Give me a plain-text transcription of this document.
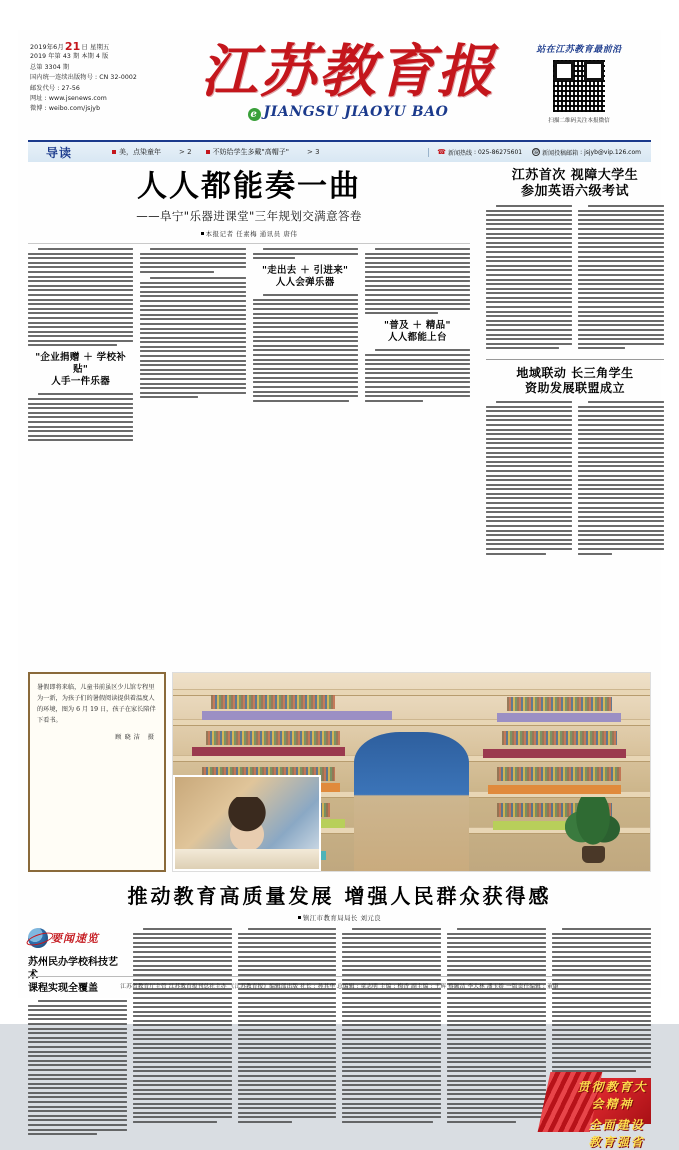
2019年6月21日 星期五
2019 年第 43 期 本期 4 版
总第 3304 期
国内统一连续出版物号 : CN 32-0002
邮发代号 : 27-56
网址 : www.jsenews.com
微博 : weibo.com/jsjyb
江苏教育报
e JIANGSU JIAOYU BAO
站在江苏教育最前沿
扫描二维码关注本报微信
导读	美，点染童年	> 2	不妨给学生多戴"高帽子"	> 3	☎ 新闻热线 : 025-86275601 @ 新闻投稿邮箱 : jsjyb@vip.126.com
人人都能奏一曲
——阜宁"乐器进课堂"三年规划交满意答卷
本报记者 任素梅 通讯员 唐伟
"企业捐赠 ＋ 学校补贴"
人手一件乐器
"走出去 ＋ 引进来"
人人会弹乐器
"普及 ＋ 精品"
人人都能上台
江苏首次 视障大学生
参加英语六级考试
地域联动 长三角学生
资助发展联盟成立
暑假即将来临，儿童书前虽区少儿馆专程里为一新，为孩子们的暑假阅读提供着温度人的环境，图为 6 月 19 日，孩子在家长陪伴下看书。
顾晓洁 摄
推动教育高质量发展 增强人民群众获得感
镇江市教育局局长 刘元良
要闻速览
苏州民办学校科技艺术
课程实现全覆盖
贯彻教育大会精神
全面建设教育强省
江苏省教育厅主管 江苏教育报刊总社主办 《江苏教育报》编辑部出版 社长 : 孙其华 总编辑 : 童志明 主编 : 梅香 副主编 : 王辉 蔡颐洁 李大林 潘玉娇 一版责任编辑 : 董康
